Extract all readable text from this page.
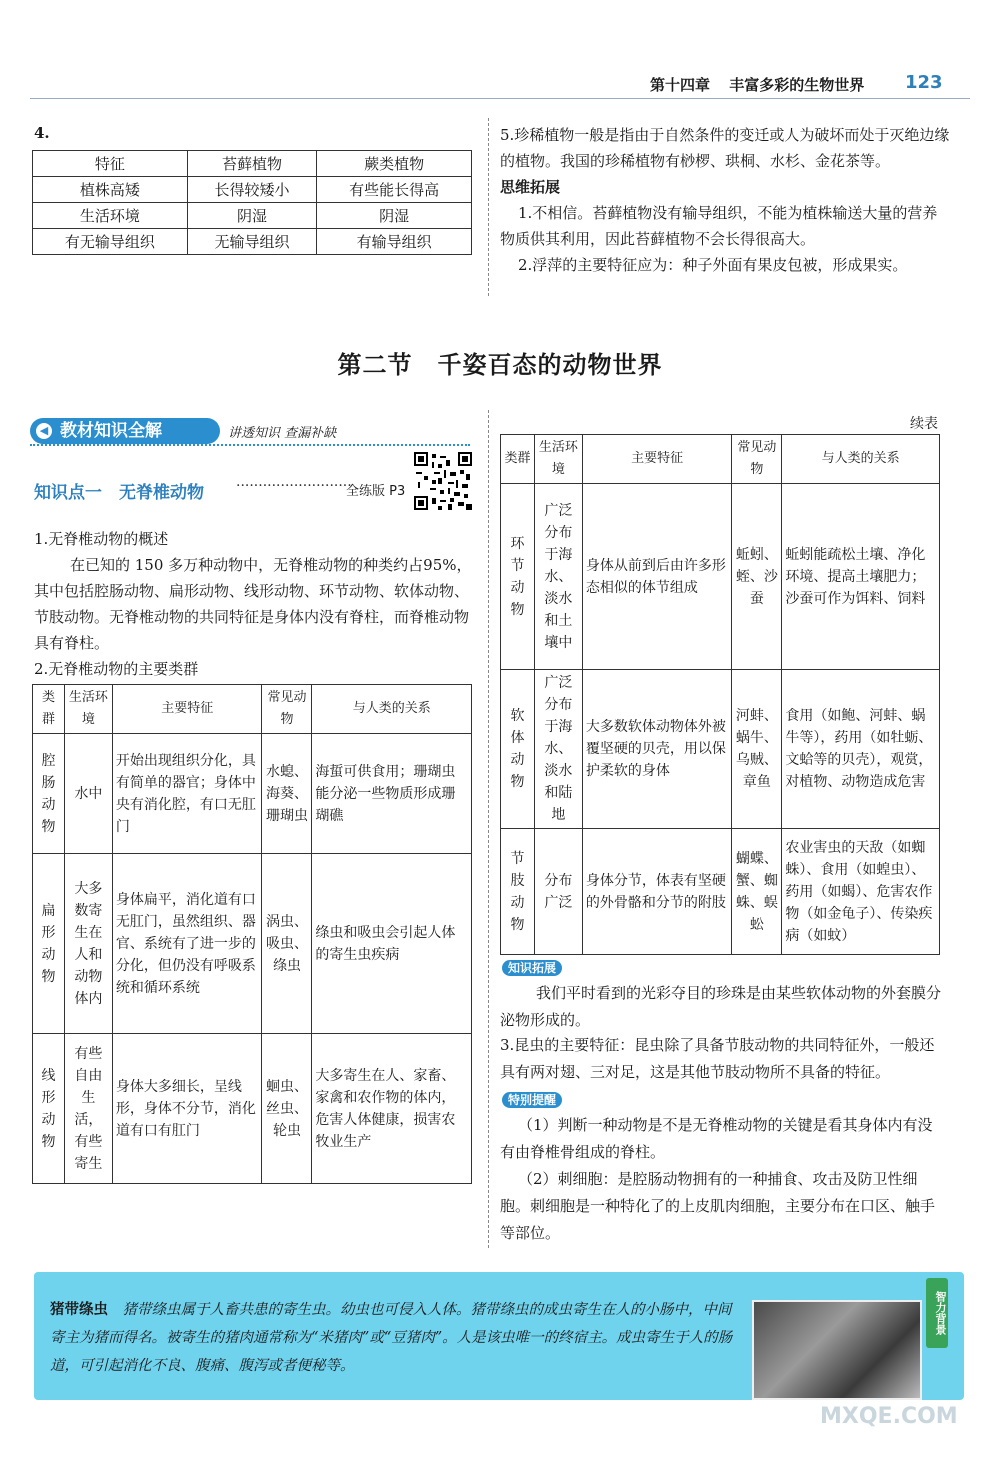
第十四章 丰富多彩的生物世界 123
4.
特征	苔藓植物	蕨类植物
植株高矮	长得较矮小	有些能长得高
生活环境	阴湿	阴湿
有无输导组织	无输导组织	有输导组织

5.珍稀植物一般是指由于自然条件的变迁或人为破坏而处于灭绝边缘的植物。我国的珍稀植物有桫椤、珙桐、水杉、金花茶等。

思维拓展

1.不相信。苔藓植物没有输导组织，不能为植株输送大量的营养物质供其利用，因此苔藓植物不会长得很高大。

2.浮萍的主要特征应为：种子外面有果皮包被，形成果实。

第二节　千姿百态的动物世界
教材知识全解
◀	讲透知识 查漏补缺
知识点一　无脊椎动物 ··························
全练版 P3
1.无脊椎动物的概述
在已知的 150 多万种动物中，无脊椎动物的种类约占95%，其中包括腔肠动物、扁形动物、线形动物、环节动物、软体动物、节肢动物。无脊椎动物的共同特征是身体内没有脊柱，而脊椎动物具有脊柱。
2.无脊椎动物的主要类群
类群	生活环境	主要特征	常见动物	与人类的关系
腔肠动物	水中	开始出现组织分化，具有简单的器官；身体中央有消化腔，有口无肛门	水螅、海葵、珊瑚虫	海蜇可供食用；珊瑚虫能分泌一些物质形成珊瑚礁
扁形动物	大多数寄生在人和动物体内	身体扁平，消化道有口无肛门，虽然组织、器官、系统有了进一步的分化，但仍没有呼吸系统和循环系统	涡虫、吸虫、绦虫	绦虫和吸虫会引起人体的寄生虫疾病
线形动物	有些自由生活，有些寄生	身体大多细长，呈线形，身体不分节，消化道有口有肛门	蛔虫、丝虫、轮虫	大多寄生在人、家畜、家禽和农作物的体内，危害人体健康，损害农牧业生产
续表
类群	生活环境	主要特征	常见动物	与人类的关系
环节动物	广泛分布于海水、淡水和土壤中	身体从前到后由许多形态相似的体节组成	蚯蚓、蛭、沙蚕	蚯蚓能疏松土壤、净化环境、提高土壤肥力；沙蚕可作为饵料、饲料
软体动物	广泛分布于海水、淡水和陆地	大多数软体动物体外被覆坚硬的贝壳，用以保护柔软的身体	河蚌、蜗牛、乌贼、章鱼	食用（如鲍、河蚌、蜗牛等），药用（如牡蛎、文蛤等的贝壳），观赏，对植物、动物造成危害
节肢动物	分布广泛	身体分节，体表有坚硬的外骨骼和分节的附肢	蝴蝶、蟹、蜘蛛、蜈蚣	农业害虫的天敌（如蜘蛛）、食用（如蝗虫）、药用（如蝎）、危害农作物（如金龟子）、传染疾病（如蚊）
知识拓展
我们平时看到的光彩夺目的珍珠是由某些软体动物的外套膜分泌物形成的。
3.昆虫的主要特征：昆虫除了具备节肢动物的共同特征外，一般还具有两对翅、三对足，这是其他节肢动物所不具备的特征。
特别提醒
（1）判断一种动物是不是无脊椎动物的关键是看其身体内有没有由脊椎骨组成的脊柱。
（2）刺细胞：是腔肠动物拥有的一种捕食、攻击及防卫性细胞。刺细胞是一种特化了的上皮肌肉细胞，主要分布在口区、触手等部位。
猪带绦虫　 猪带绦虫属于人畜共患的寄生虫。幼虫也可侵入人体。猪带绦虫的成虫寄生在人的小肠中，中间寄主为猪而得名。被寄生的猪肉通常称为“米猪肉”或“豆猪肉”。人是该虫唯一的终宿主。成虫寄生于人的肠道，可引起消化不良、腹痛、腹泻或者便秘等。
智力背景
MXQE.COM
